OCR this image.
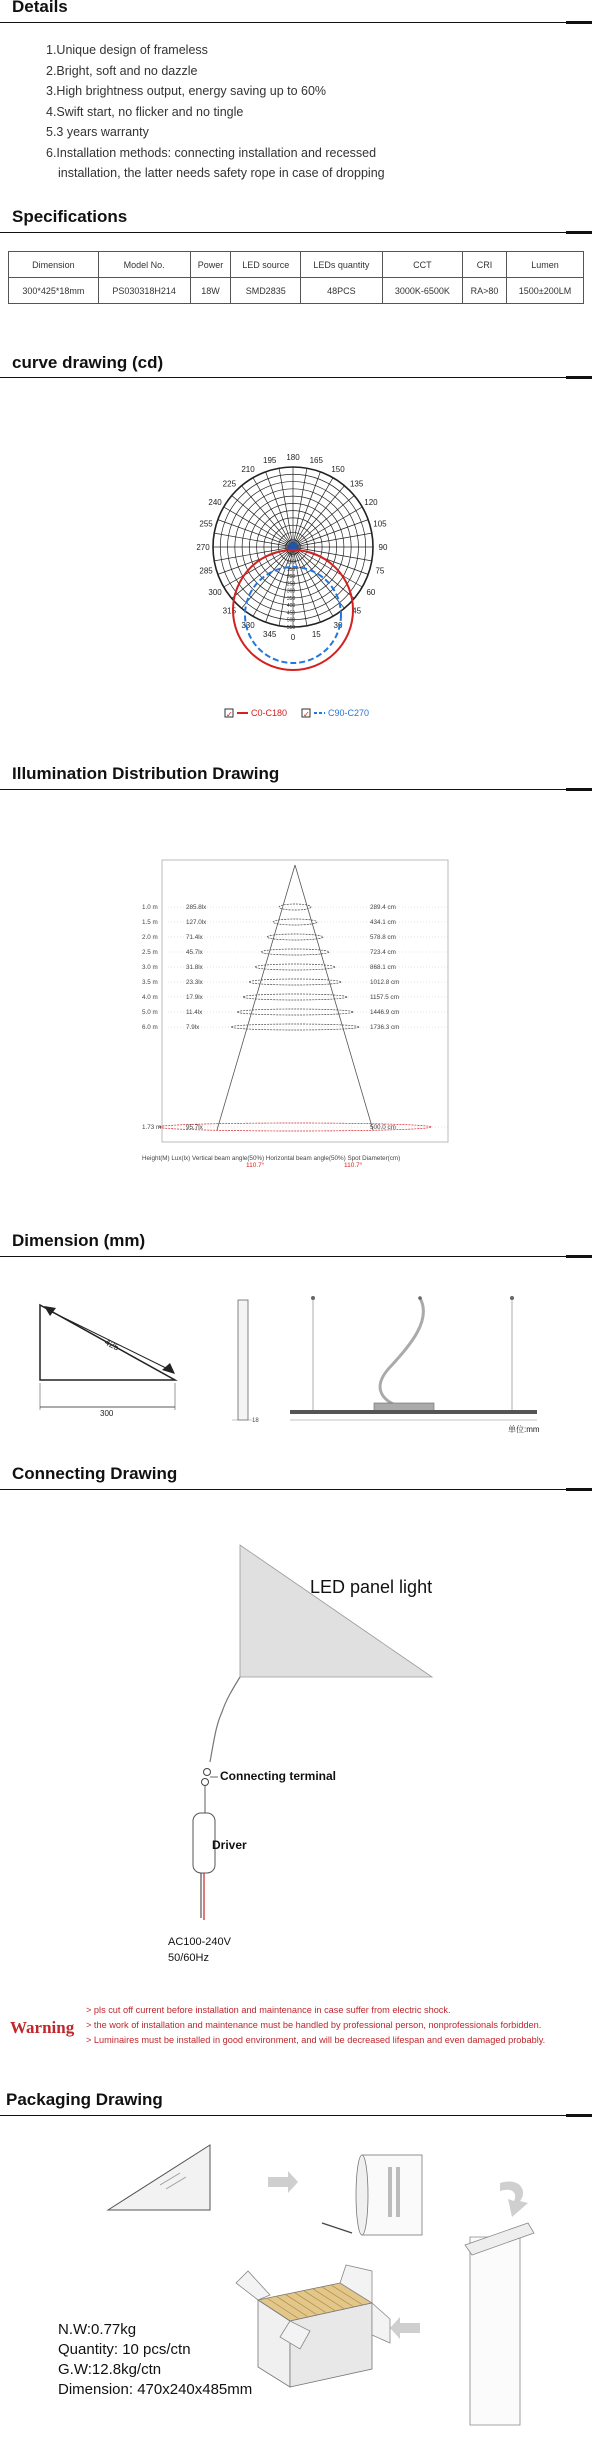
Details
1.Unique design of frameless
2.Bright, soft and no dazzle
3.High brightness output, energy saving up to 60%
4.Swift start, no flicker and no tingle
5.3 years warranty
6.Installation methods: connecting installation and recessed
installation, the latter needs safety rope in case of dropping
Specifications
Dimension	Model No.	Power	LED source	LEDs quantity	CCT	CRI	Lumen
300*425*18mm	PS030318H214	18W	SMD2835	48PCS	3000K-6500K	RA>80	1500±200LM
curve drawing (cd)
180 165
150
135
120
105
90
75
60
45
30
15
0
345
330
315
300
285
270
255
240
225
210
195
50
100
150
200
250
300
350
400
450
500
550
✓ C0-C180 ✓ C90-C270
Illumination Distribution Drawing
1.0 m	285.8lx	289.4 cm
1.5 m	127.0lx	434.1 cm
2.0 m	71.4lx	578.8 cm
2.5 m	45.7lx	723.4 cm
3.0 m	31.8lx	868.1 cm
3.5 m	23.3lx	1012.8 cm
4.0 m	17.9lx	1157.5 cm
5.0 m	11.4lx	1446.9 cm
6.0 m	7.9lx	1736.3 cm
1.73 m	95.7lx	500.0 cm
Height(M) Lux(lx) Vertical beam angle(50%) Horizontal beam angle(50%) Spot Diameter(cm)
110.7°	110.7°
Dimension (mm)
425
300
18
单位:mm
Connecting Drawing
LED panel light
Connecting terminal
Driver
AC100-240V
50/60Hz
Warning
> pls cut off current before installation and maintenance in case suffer from electric shock.
> the work of installation and maintenance must be handled by professional person, nonprofessionals forbidden.
> Luminaires must be installed in good environment, and will be decreased lifespan and even damaged probably.
Packaging Drawing
N.W:0.77kg
Quantity: 10 pcs/ctn
G.W:12.8kg/ctn
Dimension: 470x240x485mm
